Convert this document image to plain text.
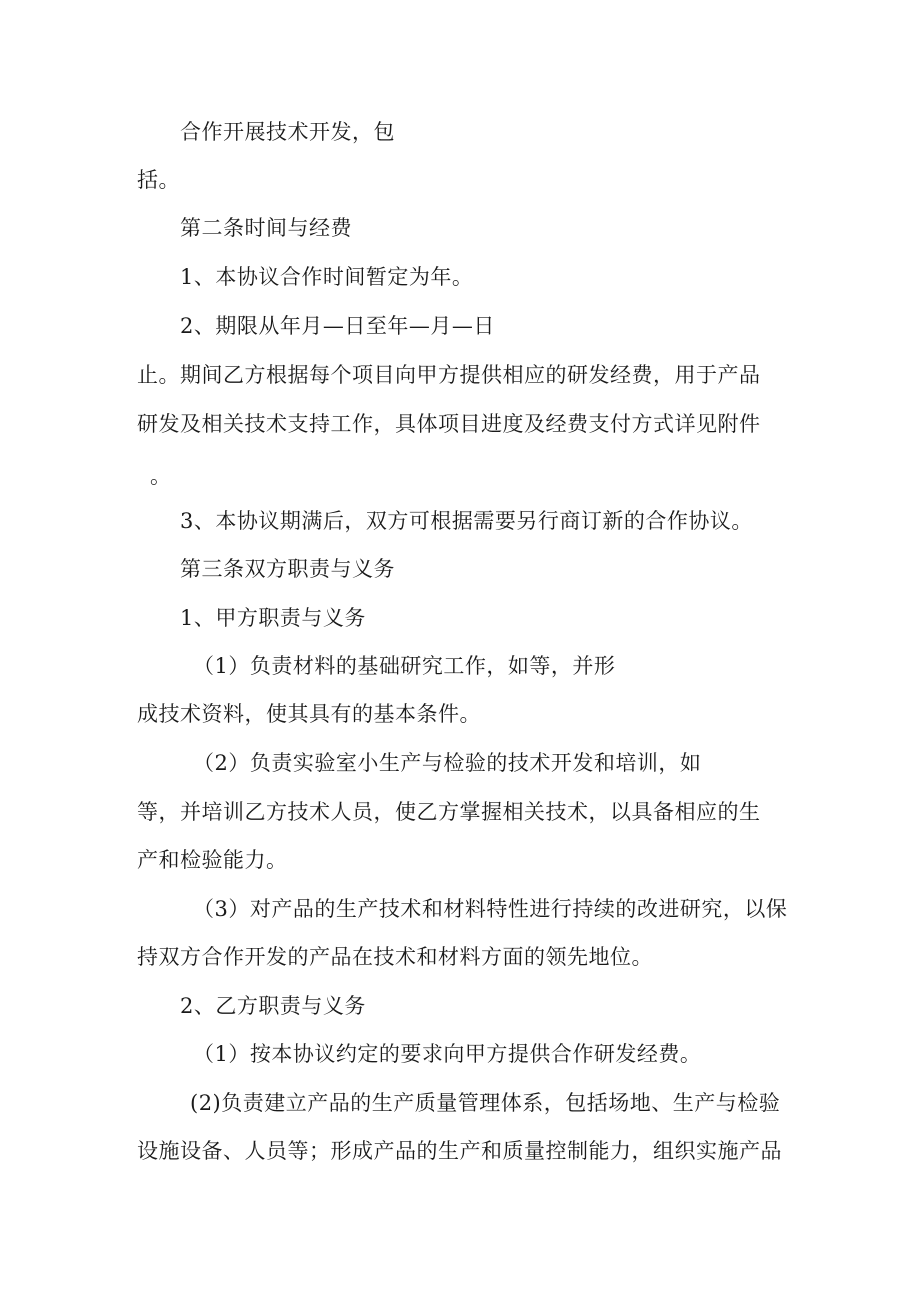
合作开展技术开发，包
括。
第二条时间与经费
1、本协议合作时间暂定为年。
2、期限从年月—日至年—月—日
止。期间乙方根据每个项目向甲方提供相应的研发经费，用于产品
研发及相关技术支持工作，具体项目进度及经费支付方式详见附件
。
3、本协议期满后，双方可根据需要另行商订新的合作协议。
第三条双方职责与义务
1、甲方职责与义务
（1）负责材料的基础研究工作，如等，并形
成技术资料，使其具有的基本条件。
（2）负责实验室小生产与检验的技术开发和培训，如
等，并培训乙方技术人员，使乙方掌握相关技术，以具备相应的生
产和检验能力。
（3）对产品的生产技术和材料特性进行持续的改进研究，以保
持双方合作开发的产品在技术和材料方面的领先地位。
2、乙方职责与义务
（1）按本协议约定的要求向甲方提供合作研发经费。
(2)负责建立产品的生产质量管理体系，包括场地、生产与检验
设施设备、人员等；形成产品的生产和质量控制能力，组织实施产品
